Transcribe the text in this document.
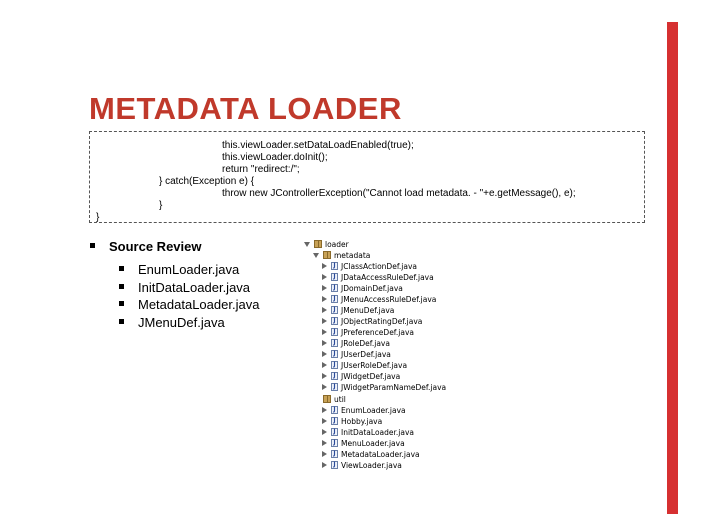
METADATA LOADER
this.viewLoader.setDataLoadEnabled(true);
this.viewLoader.doInit();
return "redirect:/";
} catch(Exception e) {
throw new JControllerException("Cannot load metadata. - "+e.getMessage(), e);
}
}
Source Review
EnumLoader.java
InitDataLoader.java
MetadataLoader.java
JMenuDef.java
loader
metadata
J JClassActionDef.java
J JDataAccessRuleDef.java
J JDomainDef.java
J JMenuAccessRuleDef.java
J JMenuDef.java
J JObjectRatingDef.java
J JPreferenceDef.java
J JRoleDef.java
J JUserDef.java
J JUserRoleDef.java
J JWidgetDef.java
J JWidgetParamNameDef.java
util
J EnumLoader.java
J Hobby.java
J InitDataLoader.java
J MenuLoader.java
J MetadataLoader.java
J ViewLoader.java
